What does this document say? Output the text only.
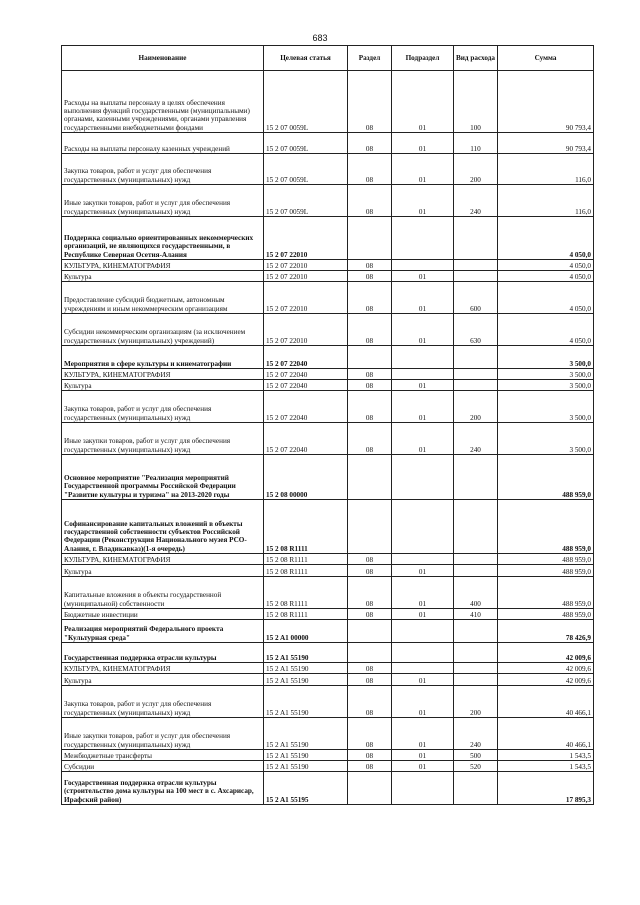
683
Наименование	Целевая статья	Раздел	Подраздел	Вид расхода	Сумма
Расходы на выплаты персоналу в целях обеспечения выполнения функций государственными (муниципальными) органами, казенными учреждениями, органами управления государственными внебюджетными фондами	15 2 07 0059L	08	01	100	90 793,4
Расходы на выплаты персоналу казенных учреждений	15 2 07 0059L	08	01	110	90 793,4
Закупка товаров, работ и услуг для обеспечения государственных (муниципальных) нужд	15 2 07 0059L	08	01	200	116,0
Иные закупки товаров, работ и услуг для обеспечения государственных (муниципальных) нужд	15 2 07 0059L	08	01	240	116,0
Поддержка социально ориентированных некоммерческих организаций, не являющихся государственными, в Республике Северная Осетия-Алания	15 2 07 22010				4 050,0
КУЛЬТУРА, КИНЕМАТОГРАФИЯ	15 2 07 22010	08			4 050,0
Культура	15 2 07 22010	08	01		4 050,0
Предоставление субсидий бюджетным, автономным учреждениям и иным некоммерческим организациям	15 2 07 22010	08	01	600	4 050,0
Субсидии некоммерческим организациям (за исключением государственных (муниципальных) учреждений)	15 2 07 22010	08	01	630	4 050,0
Мероприятия в сфере культуры и кинематографии	15 2 07 22040				3 500,0
КУЛЬТУРА, КИНЕМАТОГРАФИЯ	15 2 07 22040	08			3 500,0
Культура	15 2 07 22040	08	01		3 500,0
Закупка товаров, работ и услуг для обеспечения государственных (муниципальных) нужд	15 2 07 22040	08	01	200	3 500,0
Иные закупки товаров, работ и услуг для обеспечения государственных (муниципальных) нужд	15 2 07 22040	08	01	240	3 500,0
Основное мероприятие "Реализация мероприятий Государственной программы Российской Федерации "Развитие культуры и туризма" на 2013-2020 годы	15 2 08 00000				488 959,0
Софинансирование капитальных вложений в объекты государственной собственности субъектов Российской Федерации (Реконструкция Национального музея РСО-Алания, г. Владикавказ)(1-я очередь)	15 2 08 R1111				488 959,0
КУЛЬТУРА, КИНЕМАТОГРАФИЯ	15 2 08 R1111	08			488 959,0
Культура	15 2 08 R1111	08	01		488 959,0
Капитальные вложения в объекты государственной (муниципальной) собственности	15 2 08 R1111	08	01	400	488 959,0
Бюджетные инвестиции	15 2 08 R1111	08	01	410	488 959,0
Реализация мероприятий Федерального проекта "Культурная среда"	15 2 A1 00000				78 426,9
Государственная поддержка отрасли культуры	15 2 A1 55190				42 009,6
КУЛЬТУРА, КИНЕМАТОГРАФИЯ	15 2 A1 55190	08			42 009,6
Культура	15 2 A1 55190	08	01		42 009,6
Закупка товаров, работ и услуг для обеспечения государственных (муниципальных) нужд	15 2 A1 55190	08	01	200	40 466,1
Иные закупки товаров, работ и услуг для обеспечения государственных (муниципальных) нужд	15 2 A1 55190	08	01	240	40 466,1
Межбюджетные трансферты	15 2 A1 55190	08	01	500	1 543,5
Субсидии	15 2 A1 55190	08	01	520	1 543,5
Государственная поддержка отрасли культуры (строительство дома культуры на 100 мест в с. Ахсарисар, Ирафский район)	15 2 A1 55195				17 895,3
